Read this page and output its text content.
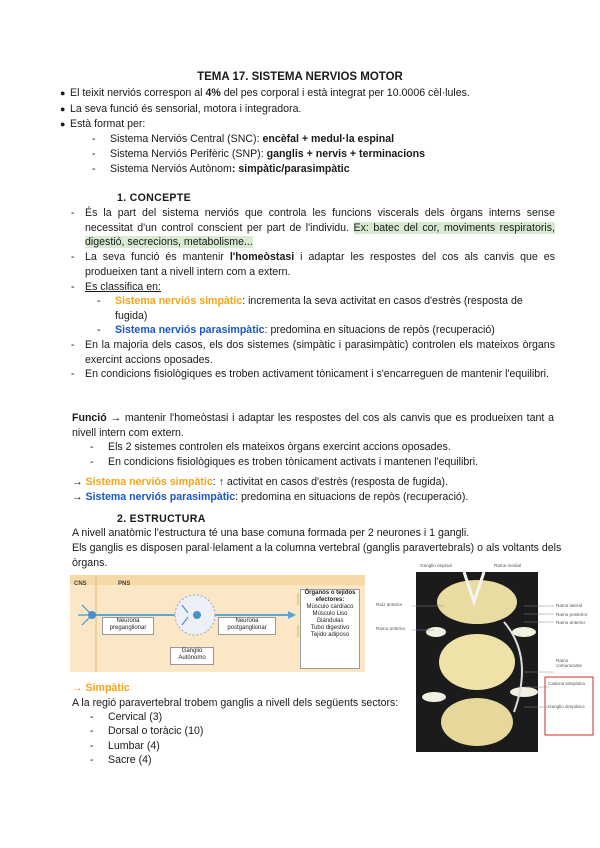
TEMA 17. SISTEMA NERVIOS MOTOR
● El teixit nerviós correspon al 4% del pes corporal i està integrat per 10.0006 cèl·lules.
● La seva funció és sensorial, motora i integradora.
● Està format per:
- Sistema Nerviós Central (SNC): encèfal + medul·la espinal
- Sistema Nerviós Perifèric (SNP): ganglis + nervis + terminacions
- Sistema Nerviós Autònom: simpàtic/parasimpàtic
1. CONCEPTE
- És la part del sistema nerviós que controla les funcions viscerals dels òrgans interns sense necessitat d'un control conscient per part de l'individu. Ex: batec del cor, moviments respiratoris, digestió, secrecions, metabolisme...
- La seva funció és mantenir l'homeòstasi i adaptar les respostes del cos als canvis que es produeixen tant a nivell intern com a extern.
- Es classifica en:
- Sistema nerviós simpàtic: incrementa la seva activitat en casos d'estrès (resposta de fugida)
- Sistema nerviós parasimpàtic: predomina en situacions de repòs (recuperació)
- En la majoria dels casos, els dos sistemes (simpàtic i parasimpàtic) controlen els mateixos òrgans exercint accions oposades.
- En condicions fisiològiques es troben activament tònicament i s'encarreguen de mantenir l'equilibri.
Funció → mantenir l'homeòstasi i adaptar les respostes del cos als canvis que es produeixen tant a nivell intern com extern.
- Els 2 sistemes controlen els mateixos òrgans exercint accions oposades.
- En condicions fisiològiques es troben tònicament activats i mantenen l'equilibri.
→ Sistema nerviós simpàtic: ↑ activitat en casos d'estrès (resposta de fugida).
→ Sistema nerviós parasimpàtic: predomina en situacions de repòs (recuperació).
2. ESTRUCTURA
A nivell anatòmic l'estructura té una base comuna formada per 2 neurones i 1 gangli.
Els ganglis es disposen paral·lelament a la columna vertebral (ganglis paravertebrals) o als voltants dels òrgans.
CNS	PNS
Neurona preganglionar
Neurona postganglionar
Ganglio Autónomo
Órganos o tejidos efectores:
Músculo cardíaco
Músculo Liso
Glándulas
Tubo digestivo
Tejido adiposo
Ganglio espinal	Rama medial
Raíz anterior
Ramo anterior
Ramo lateral
Ramo posterior
Ramo anterior
Ramo comunicante
Cadena simpática
Ganglio simpático
→ Simpàtic
A la regió paravertebral trobem ganglis a nivell dels següents sectors:
- Cervical (3)
- Dorsal o toràcic (10)
- Lumbar (4)
- Sacre (4)
